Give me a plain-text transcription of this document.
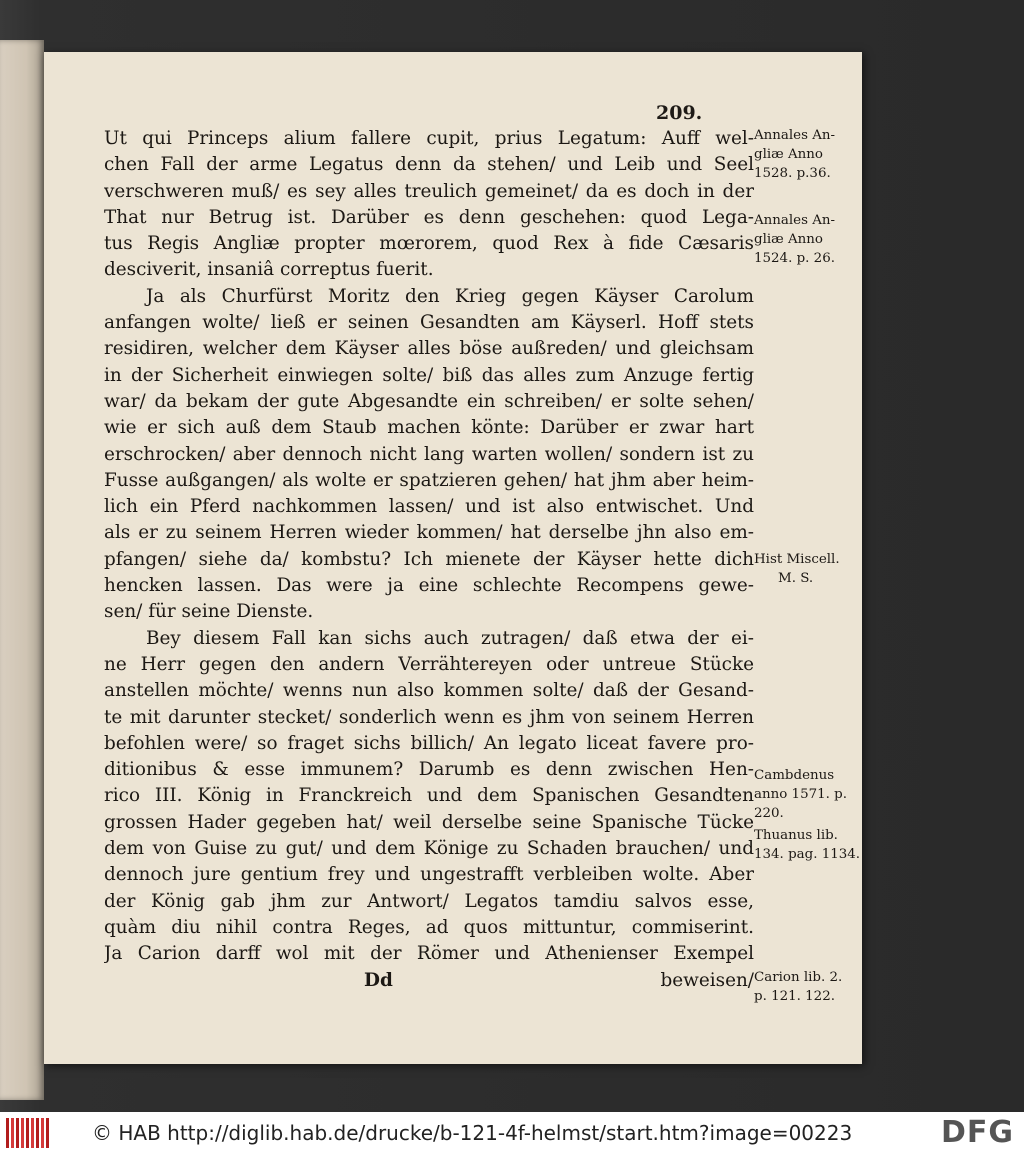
209.
Ut qui Princeps alium fallere cupit, prius Legatum: Auff wel-
chen Fall der arme Legatus denn da stehen/ und Leib und Seel
verschweren muß/ es sey alles treulich gemeinet/ da es doch in der
That nur Betrug ist. Darüber es denn geschehen: quod Lega-
tus Regis Angliæ propter mœrorem, quod Rex à fide Cæsaris
desciverit, insaniâ correptus fuerit.
Ja als Churfürst Moritz den Krieg gegen Käyser Carolum
anfangen wolte/ ließ er seinen Gesandten am Käyserl. Hoff stets
residiren, welcher dem Käyser alles böse außreden/ und gleichsam
in der Sicherheit einwiegen solte/ biß das alles zum Anzuge fertig
war/ da bekam der gute Abgesandte ein schreiben/ er solte sehen/
wie er sich auß dem Staub machen könte: Darüber er zwar hart
erschrocken/ aber dennoch nicht lang warten wollen/ sondern ist zu
Fusse außgangen/ als wolte er spatzieren gehen/ hat jhm aber heim-
lich ein Pferd nachkommen lassen/ und ist also entwischet. Und
als er zu seinem Herren wieder kommen/ hat derselbe jhn also em-
pfangen/ siehe da/ kombstu? Ich mienete der Käyser hette dich
hencken lassen. Das were ja eine schlechte Recompens gewe-
sen/ für seine Dienste.
Bey diesem Fall kan sichs auch zutragen/ daß etwa der ei-
ne Herr gegen den andern Verrähtereyen oder untreue Stücke
anstellen möchte/ wenns nun also kommen solte/ daß der Gesand-
te mit darunter stecket/ sonderlich wenn es jhm von seinem Herren
befohlen were/ so fraget sichs billich/ An legato liceat favere pro-
ditionibus & esse immunem? Darumb es denn zwischen Hen-
rico III. König in Franckreich und dem Spanischen Gesandten
grossen Hader gegeben hat/ weil derselbe seine Spanische Tücke
dem von Guise zu gut/ und dem Könige zu Schaden brauchen/ und
dennoch jure gentium frey und ungestrafft verbleiben wolte. Aber
der König gab jhm zur Antwort/ Legatos tamdiu salvos esse,
quàm diu nihil contra Reges, ad quos mittuntur, commiserint.
Ja Carion darff wol mit der Römer und Athenienser Exempel
Dd	beweisen/
Annales An-
gliæ Anno
1528. p.36.
Annales An-
gliæ Anno
1524. p. 26.
Hist Miscell.
M. S.
Cambdenus
anno 1571. p.
220.
Thuanus lib.
134. pag. 1134.
Carion lib. 2.
p. 121. 122.
© HAB http://diglib.hab.de/drucke/b-121-4f-helmst/start.htm?image=00223	DFG
